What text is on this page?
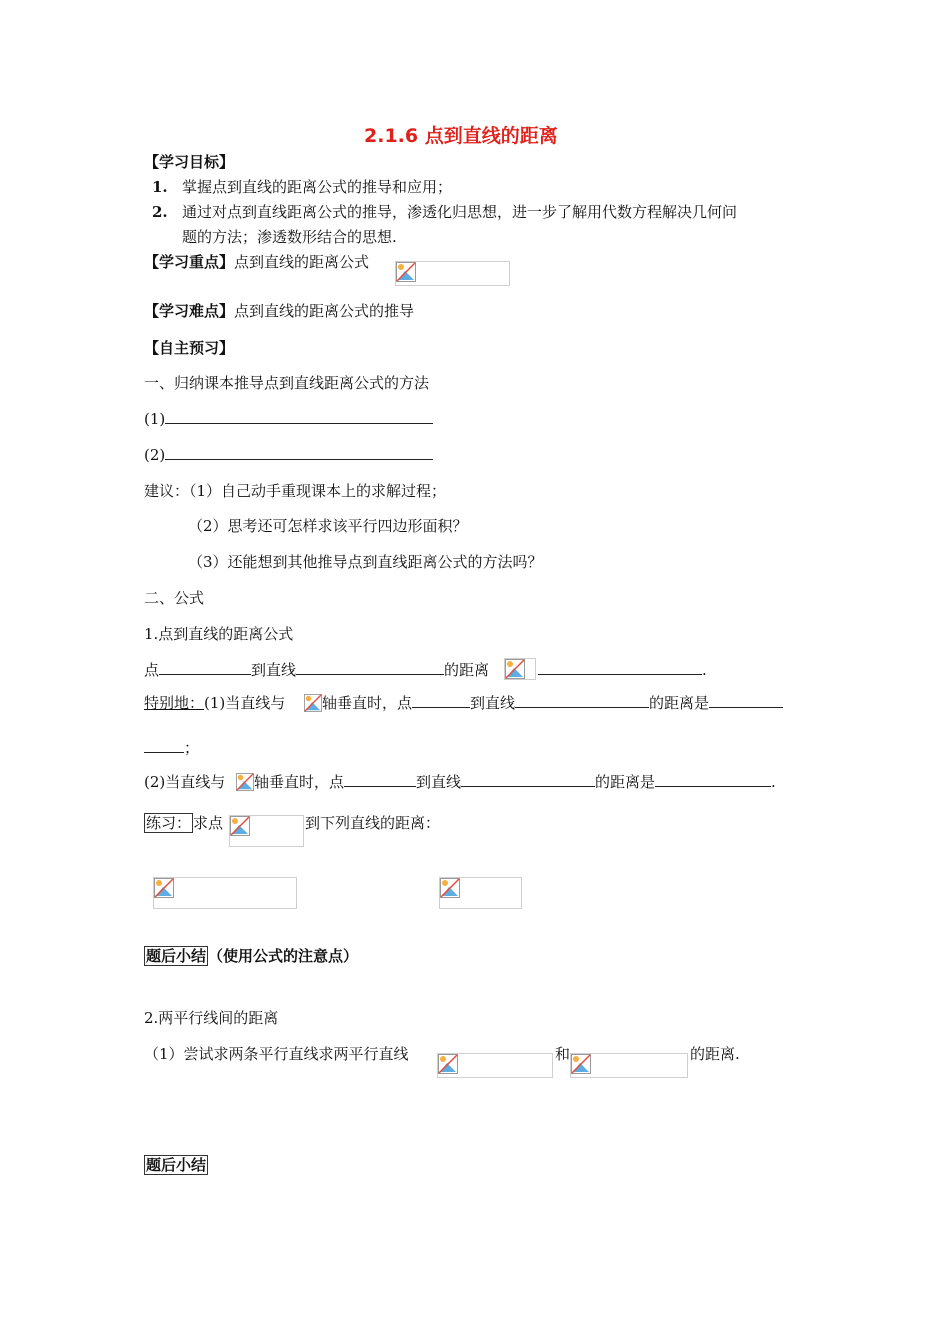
2.1.6 点到直线的距离
【学习目标】
1. 掌握点到直线的距离公式的推导和应用；
2. 通过对点到直线距离公式的推导，渗透化归思想，进一步了解用代数方程解决几何问
题的方法；渗透数形结合的思想.
【学习重点】点到直线的距离公式
【学习难点】点到直线的距离公式的推导
【自主预习】
一、归纳课本推导点到直线距离公式的方法
(1)
(2)
建议：（1）自己动手重现课本上的求解过程；
（2）思考还可怎样求该平行四边形面积？
（3）还能想到其他推导点到直线距离公式的方法吗？
二、公式
1.点到直线的距离公式
点	到直线	的距离	.
特别地：(1)当直线与 轴垂直时，点	到直线	的距离是
；
(2)当直线与 轴垂直时，点	到直线	的距离是	.
练习： 求点	到下列直线的距离：
题后小结 （使用公式的注意点）
2.两平行线间的距离
（1）尝试求两条平行直线求两平行直线	和	的距离.
题后小结
